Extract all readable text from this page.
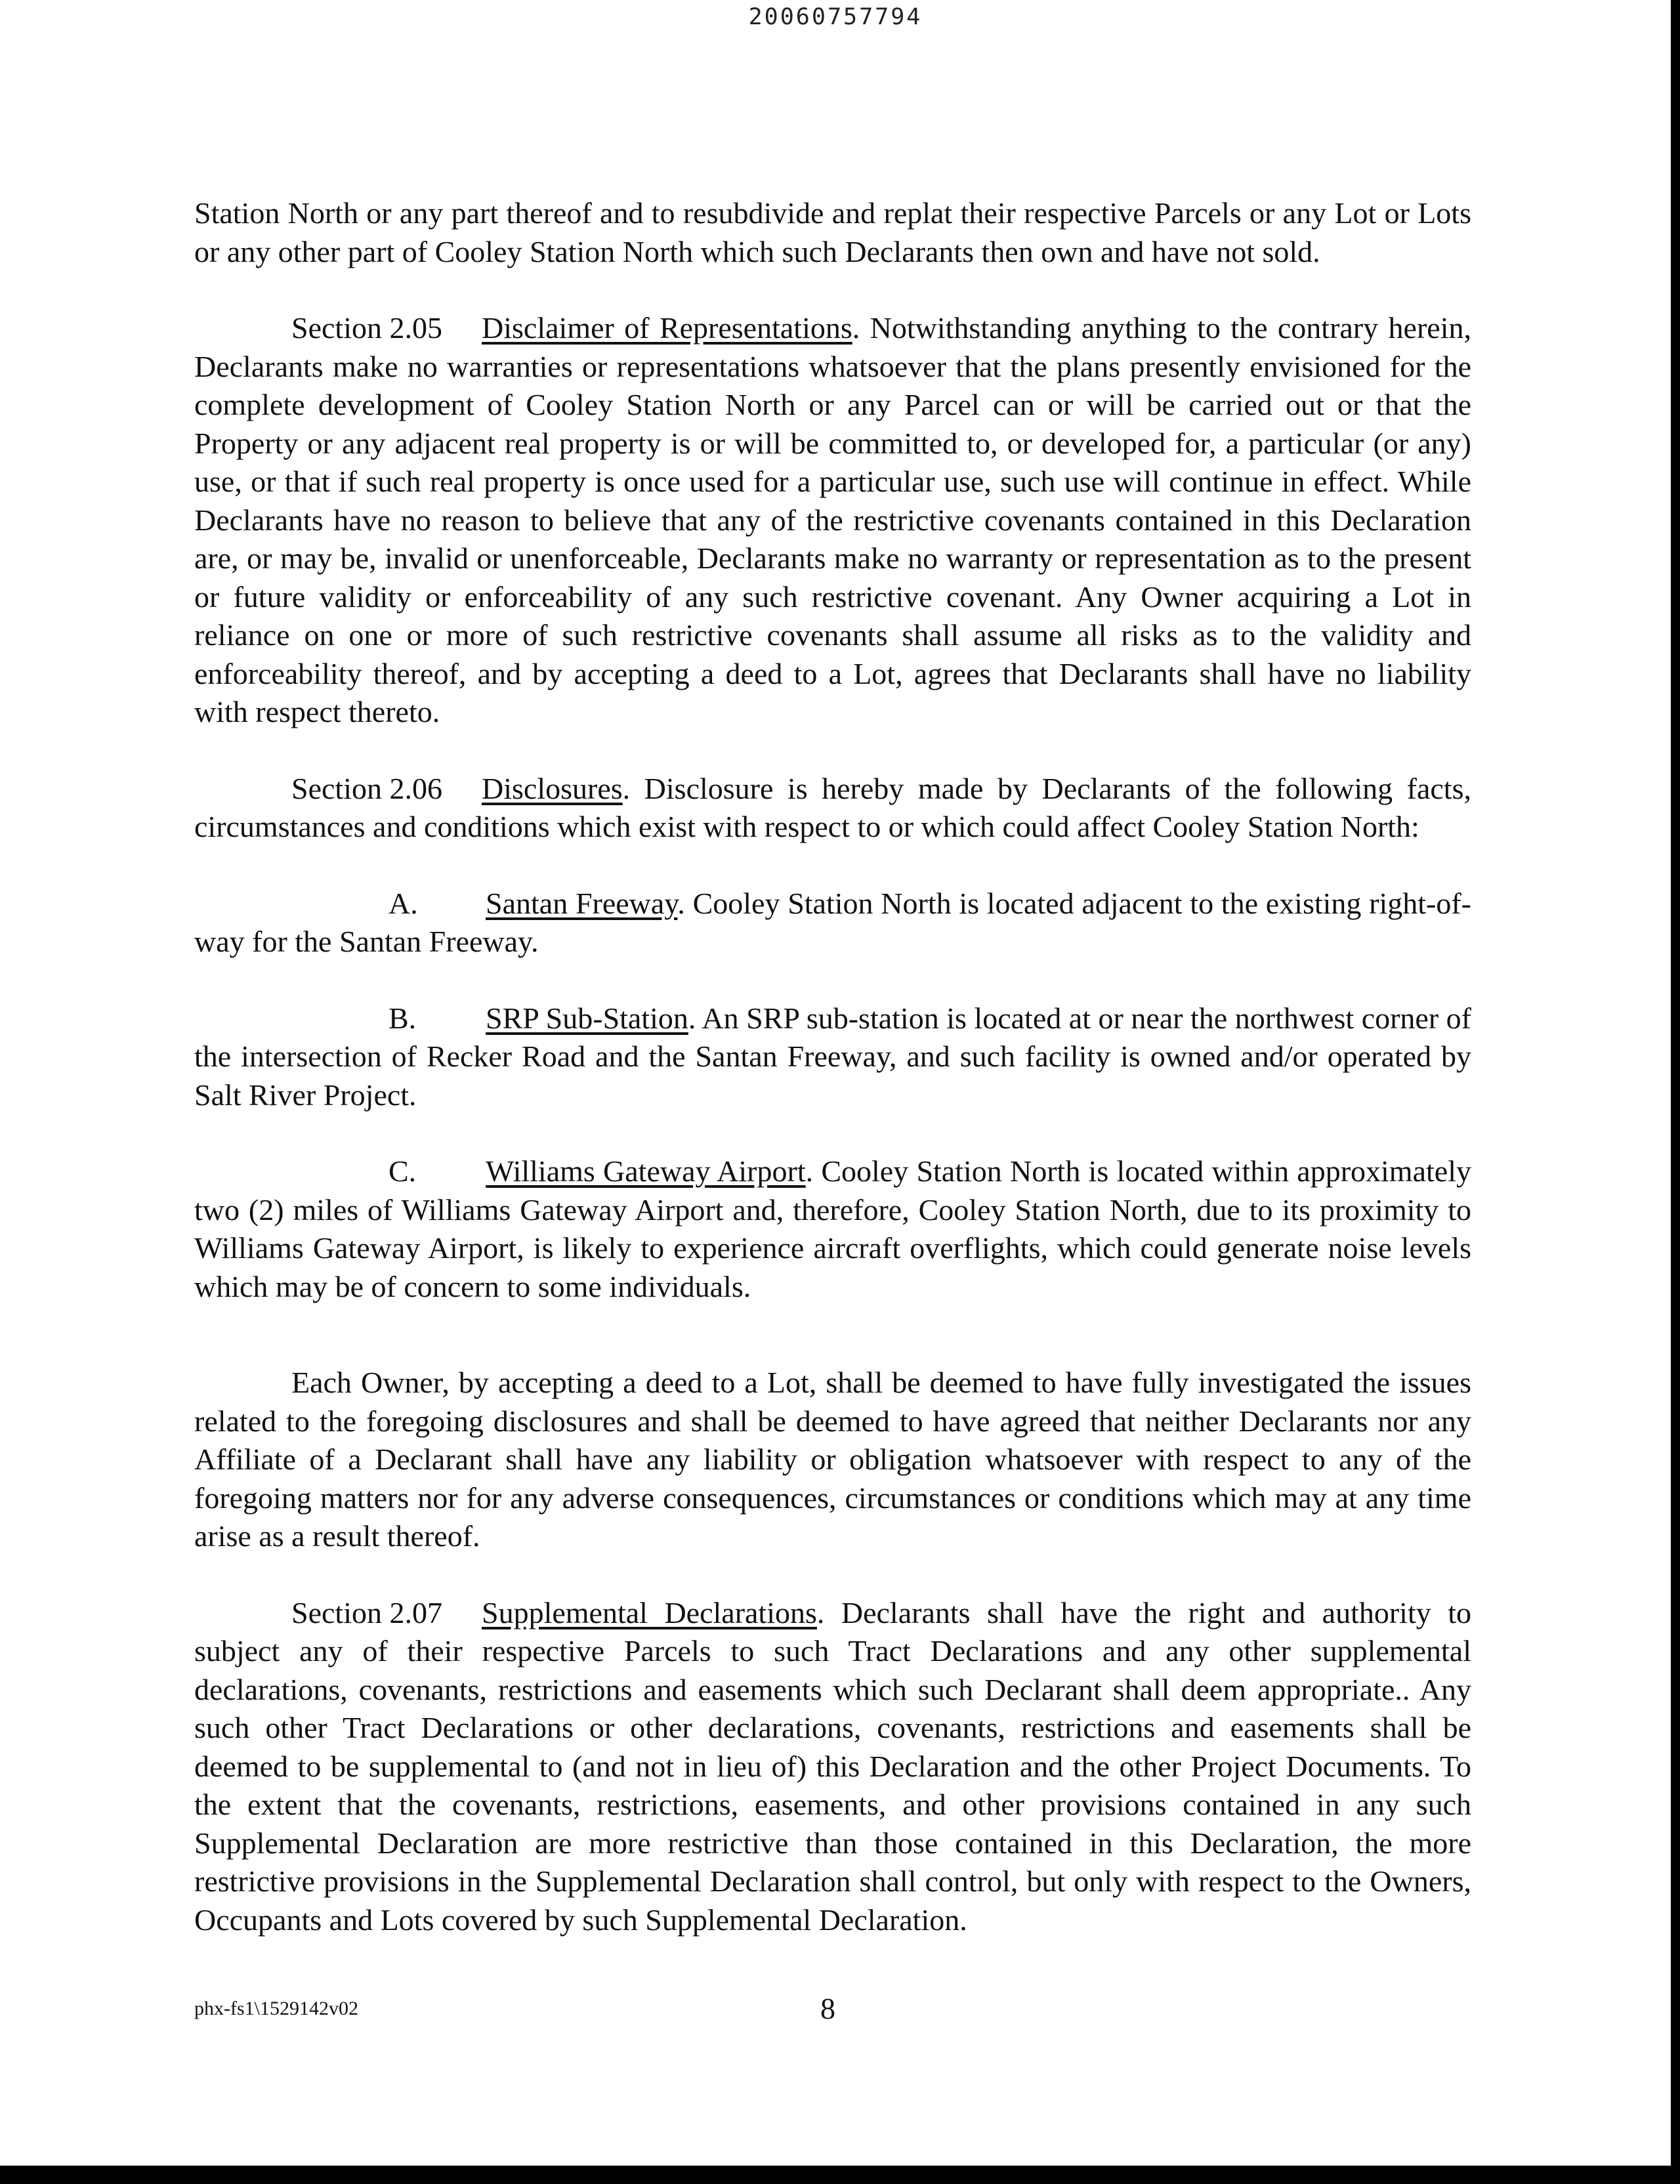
20060757794

Station North or any part thereof and to resubdivide and replat their respective Parcels or any Lot or Lots or any other part of Cooley Station North which such Declarants then own and have not sold.

Section 2.05 Disclaimer of Representations. Notwithstanding anything to the contrary herein, Declarants make no warranties or representations whatsoever that the plans presently envisioned for the complete development of Cooley Station North or any Parcel can or will be carried out or that the Property or any adjacent real property is or will be committed to, or developed for, a particular (or any) use, or that if such real property is once used for a particular use, such use will continue in effect. While Declarants have no reason to believe that any of the restrictive covenants contained in this Declaration are, or may be, invalid or unenforceable, Declarants make no warranty or representation as to the present or future validity or enforceability of any such restrictive covenant. Any Owner acquiring a Lot in reliance on one or more of such restrictive covenants shall assume all risks as to the validity and enforceability thereof, and by accepting a deed to a Lot, agrees that Declarants shall have no liability with respect thereto.

Section 2.06 Disclosures. Disclosure is hereby made by Declarants of the following facts, circumstances and conditions which exist with respect to or which could affect Cooley Station North:

A. Santan Freeway. Cooley Station North is located adjacent to the existing right-of-way for the Santan Freeway.

B. SRP Sub-Station. An SRP sub-station is located at or near the northwest corner of the intersection of Recker Road and the Santan Freeway, and such facility is owned and/or operated by Salt River Project.

C. Williams Gateway Airport. Cooley Station North is located within approximately two (2) miles of Williams Gateway Airport and, therefore, Cooley Station North, due to its proximity to Williams Gateway Airport, is likely to experience aircraft overflights, which could generate noise levels which may be of concern to some individuals.

Each Owner, by accepting a deed to a Lot, shall be deemed to have fully investigated the issues related to the foregoing disclosures and shall be deemed to have agreed that neither Declarants nor any Affiliate of a Declarant shall have any liability or obligation whatsoever with respect to any of the foregoing matters nor for any adverse consequences, circumstances or conditions which may at any time arise as a result thereof.

Section 2.07 Supplemental Declarations. Declarants shall have the right and authority to subject any of their respective Parcels to such Tract Declarations and any other supplemental declarations, covenants, restrictions and easements which such Declarant shall deem appropriate.. Any such other Tract Declarations or other declarations, covenants, restrictions and easements shall be deemed to be supplemental to (and not in lieu of) this Declaration and the other Project Documents. To the extent that the covenants, restrictions, easements, and other provisions contained in any such Supplemental Declaration are more restrictive than those contained in this Declaration, the more restrictive provisions in the Supplemental Declaration shall control, but only with respect to the Owners, Occupants and Lots covered by such Supplemental Declaration.

phx-fs1\1529142v02	8
